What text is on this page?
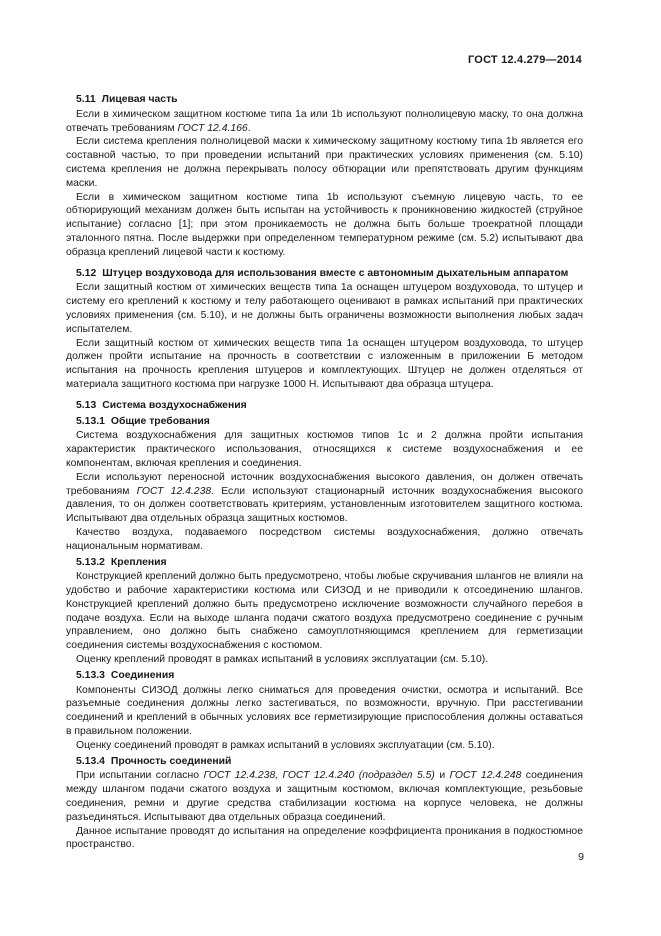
ГОСТ 12.4.279—2014
5.11 Лицевая часть

Если в химическом защитном костюме типа 1а или 1b используют полнолицевую маску, то она должна отвечать требованиям ГОСТ 12.4.166.

Если система крепления полнолицевой маски к химическому защитному костюму типа 1b является его составной частью, то при проведении испытаний при практических условиях применения (см. 5.10) система крепления не должна перекрывать полосу обтюрации или препятствовать другим функциям маски.

Если в химическом защитном костюме типа 1b используют съемную лицевую часть, то ее обтюрирующий механизм должен быть испытан на устойчивость к проникновению жидкостей (струйное испытание) согласно [1]; при этом проникаемость не должна быть больше троекратной площади эталонного пятна. После выдержки при определенном температурном режиме (см. 5.2) испытывают два образца креплений лицевой части к костюму.

5.12 Штуцер воздуховода для использования вместе с автономным дыхательным аппаратом

Если защитный костюм от химических веществ типа 1а оснащен штуцером воздуховода, то штуцер и систему его креплений к костюму и телу работающего оценивают в рамках испытаний при практических условиях применения (см. 5.10), и не должны быть ограничены возможности выполнения любых задач испытателем.

Если защитный костюм от химических веществ типа 1а оснащен штуцером воздуховода, то штуцер должен пройти испытание на прочность в соответствии с изложенным в приложении Б методом испытания на прочность крепления штуцеров и комплектующих. Штуцер не должен отделяться от материала защитного костюма при нагрузке 1000 Н. Испытывают два образца штуцера.

5.13 Система воздухоснабжения
5.13.1 Общие требования

Система воздухоснабжения для защитных костюмов типов 1с и 2 должна пройти испытания характеристик практического использования, относящихся к системе воздухоснабжения и ее компонентам, включая крепления и соединения.

Если используют переносной источник воздухоснабжения высокого давления, он должен отвечать требованиям ГОСТ 12.4.238. Если используют стационарный источник воздухоснабжения высокого давления, то он должен соответствовать критериям, установленным изготовителем защитного костюма. Испытывают два отдельных образца защитных костюмов.

Качество воздуха, подаваемого посредством системы воздухоснабжения, должно отвечать национальным нормативам.

5.13.2 Крепления

Конструкцией креплений должно быть предусмотрено, чтобы любые скручивания шлангов не влияли на удобство и рабочие характеристики костюма или СИЗОД и не приводили к отсоединению шлангов. Конструкцией креплений должно быть предусмотрено исключение возможности случайного перебоя в подаче воздуха. Если на выходе шланга подачи сжатого воздуха предусмотрено соединение с ручным управлением, оно должно быть снабжено самоуплотняющимся креплением для герметизации соединения системы воздухоснабжения с костюмом.

Оценку креплений проводят в рамках испытаний в условиях эксплуатации (см. 5.10).

5.13.3 Соединения

Компоненты СИЗОД должны легко сниматься для проведения очистки, осмотра и испытаний. Все разъемные соединения должны легко застегиваться, по возможности, вручную. При расстегивании соединений и креплений в обычных условиях все герметизирующие приспособления должны оставаться в правильном положении.

Оценку соединений проводят в рамках испытаний в условиях эксплуатации (см. 5.10).

5.13.4 Прочность соединений

При испытании согласно ГОСТ 12.4.238, ГОСТ 12.4.240 (подраздел 5.5) и ГОСТ 12.4.248 соединения между шлангом подачи сжатого воздуха и защитным костюмом, включая комплектующие, резьбовые соединения, ремни и другие средства стабилизации костюма на корпусе человека, не должны разъединяться. Испытывают два отдельных образца соединений.

Данное испытание проводят до испытания на определение коэффициента проникания в подкостюмное пространство.

9
